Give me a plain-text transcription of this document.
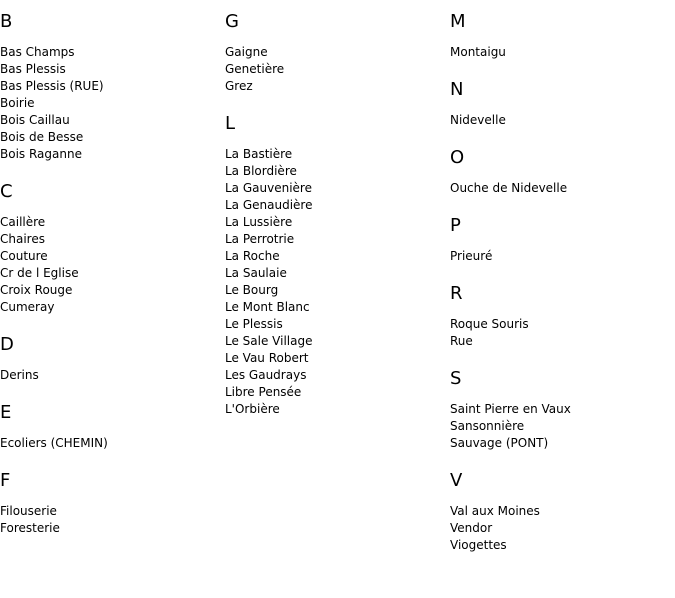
B
Bas Champs
Bas Plessis
Bas Plessis (RUE)
Boirie
Bois Caillau
Bois de Besse
Bois Raganne
C
Caillère
Chaires
Couture
Cr de l Eglise
Croix Rouge
Cumeray
D
Derins
E
Ecoliers (CHEMIN)
F
Filouserie
Foresterie
G
Gaigne
Genetière
Grez
L
La Bastière
La Blordière
La Gauvenière
La Genaudière
La Lussière
La Perrotrie
La Roche
La Saulaie
Le Bourg
Le Mont Blanc
Le Plessis
Le Sale Village
Le Vau Robert
Les Gaudrays
Libre Pensée
L'Orbière
M
Montaigu
N
Nidevelle
O
Ouche de Nidevelle
P
Prieuré
R
Roque Souris
Rue
S
Saint Pierre en Vaux
Sansonnière
Sauvage (PONT)
V
Val aux Moines
Vendor
Viogettes
